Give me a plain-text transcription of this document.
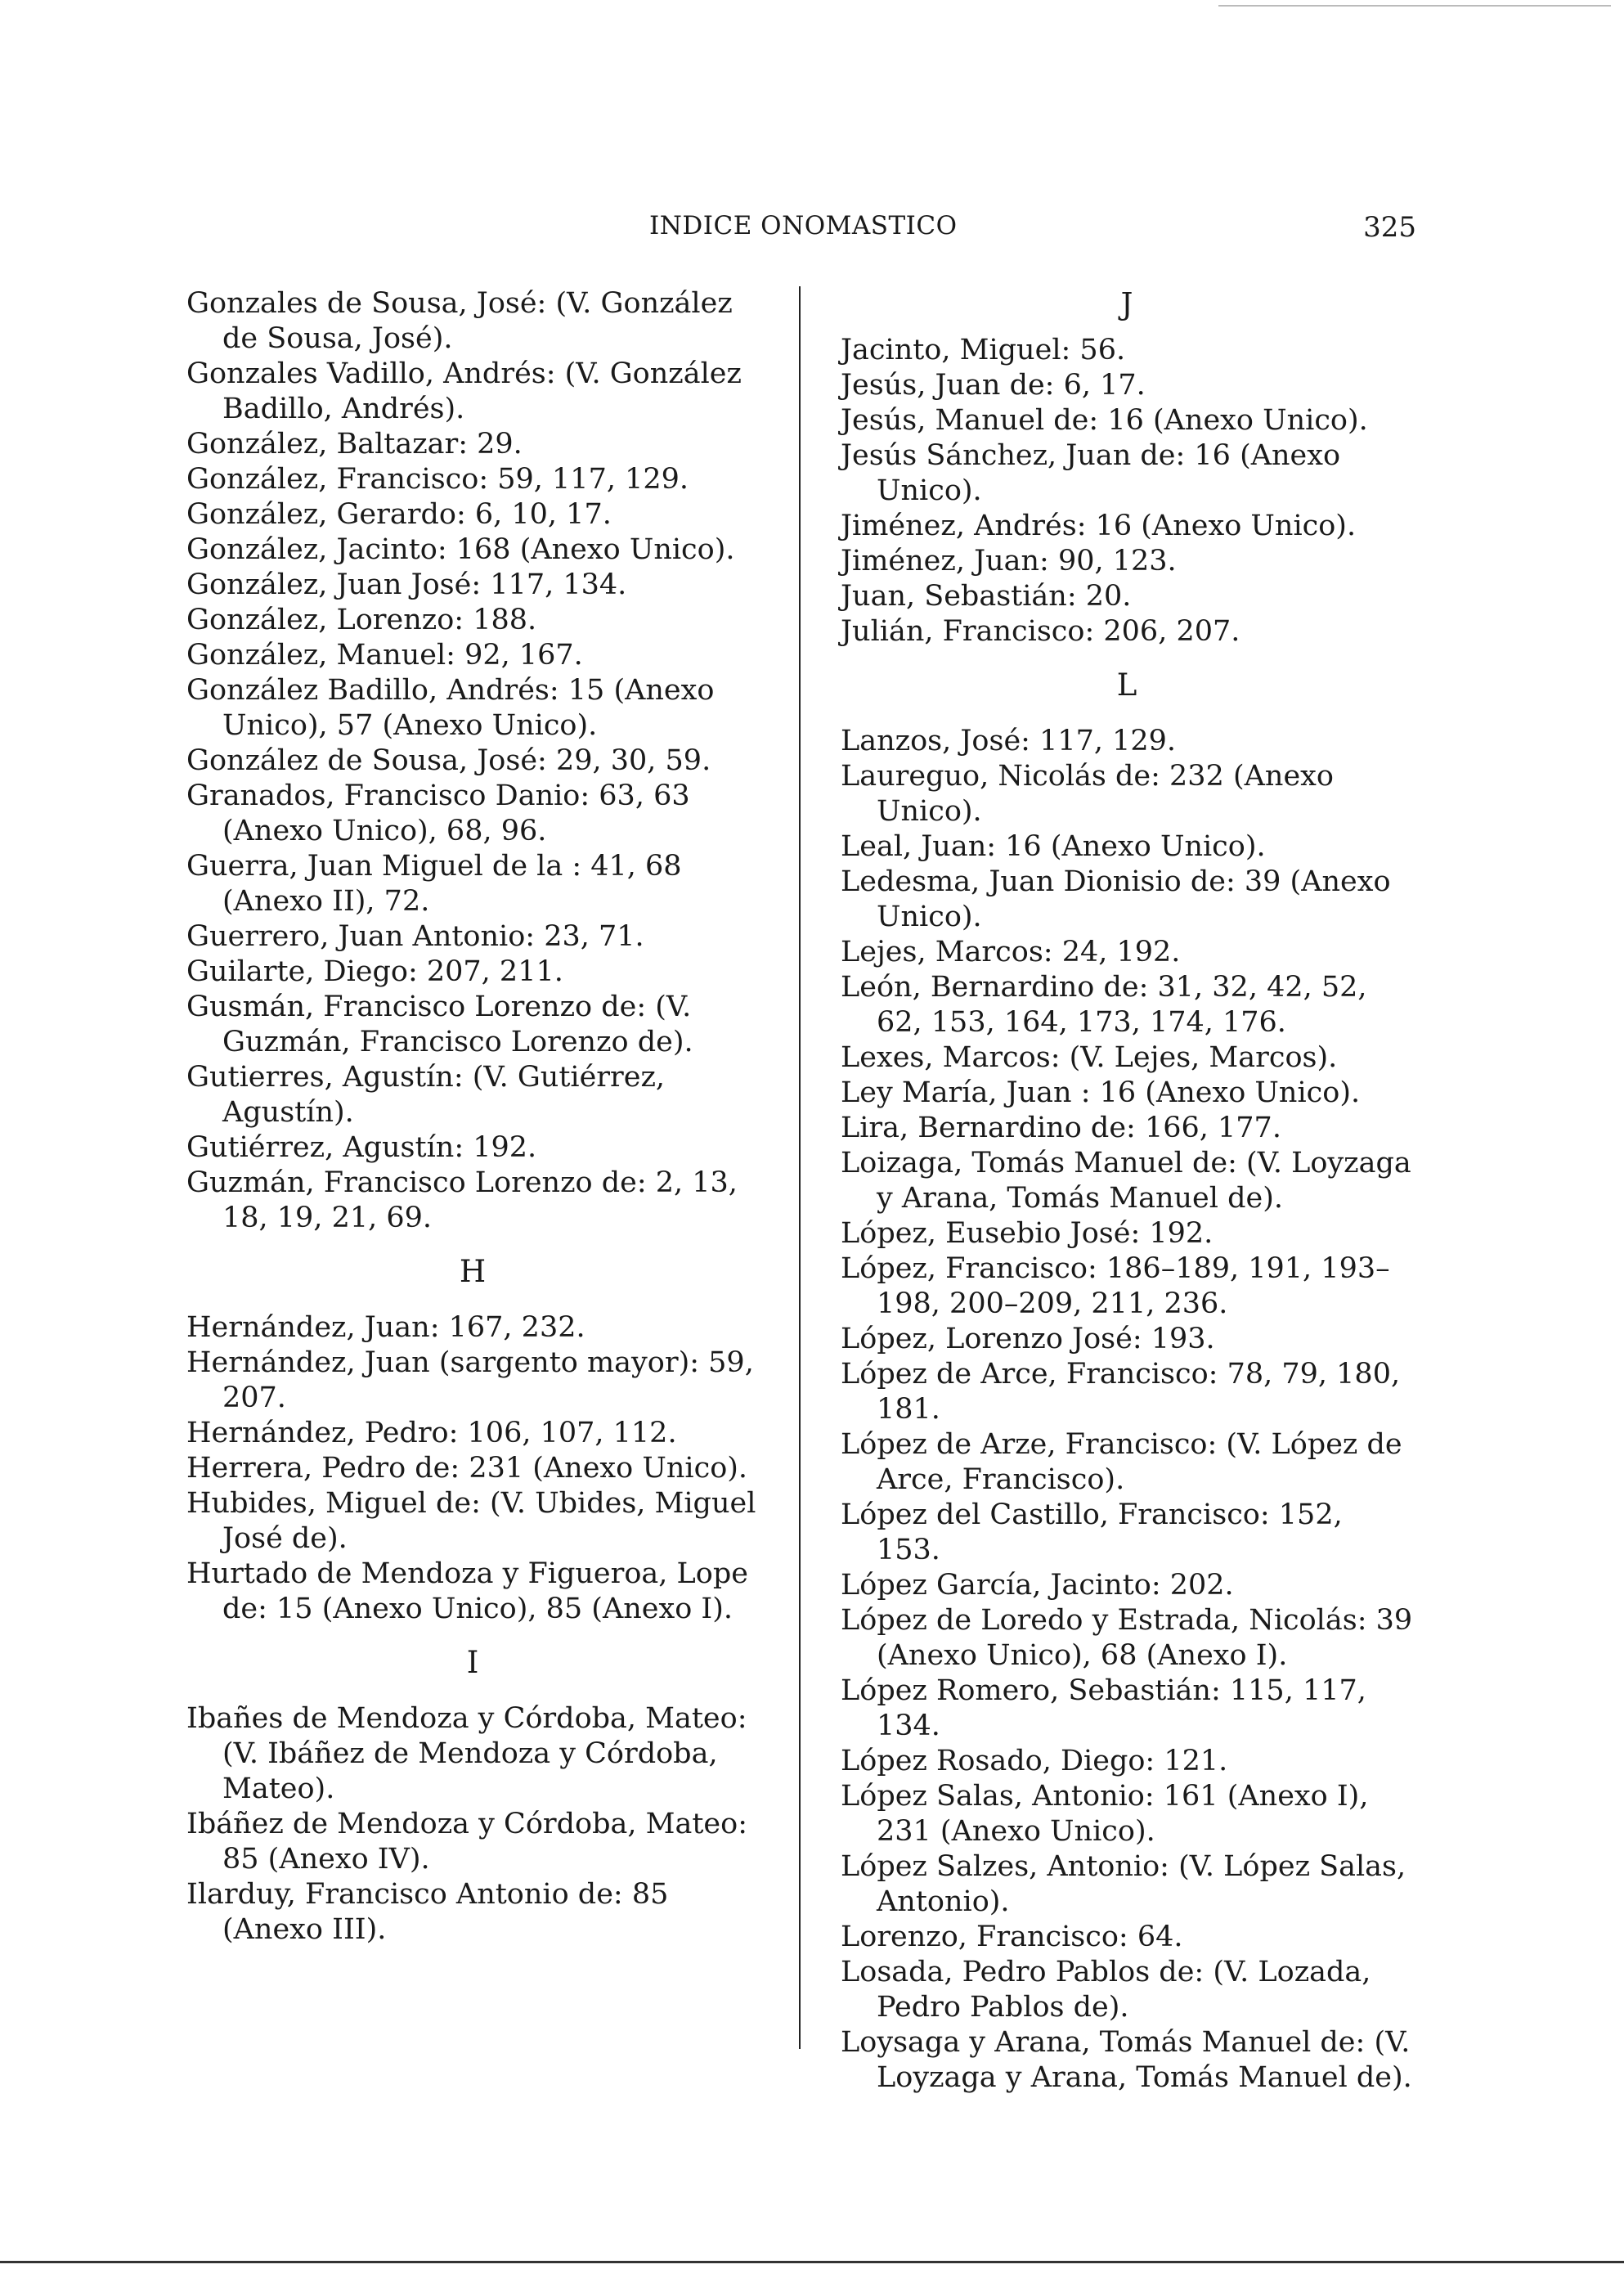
INDICE ONOMASTICO	325
Gonzales de Sousa, José: (V. González de Sousa, José).
Gonzales Vadillo, Andrés: (V. González Badillo, Andrés).
González, Baltazar: 29.
González, Francisco: 59, 117, 129.
González, Gerardo: 6, 10, 17.
González, Jacinto: 168 (Anexo Unico).
González, Juan José: 117, 134.
González, Lorenzo: 188.
González, Manuel: 92, 167.
González Badillo, Andrés: 15 (Anexo Unico), 57 (Anexo Unico).
González de Sousa, José: 29, 30, 59.
Granados, Francisco Danio: 63, 63 (Anexo Unico), 68, 96.
Guerra, Juan Miguel de la : 41, 68 (Anexo II), 72.
Guerrero, Juan Antonio: 23, 71.
Guilarte, Diego: 207, 211.
Gusmán, Francisco Lorenzo de: (V. Guzmán, Francisco Lorenzo de).
Gutierres, Agustín: (V. Gutiérrez, Agustín).
Gutiérrez, Agustín: 192.
Guzmán, Francisco Lorenzo de: 2, 13, 18, 19, 21, 69.
H
Hernández, Juan: 167, 232.
Hernández, Juan (sargento mayor): 59, 207.
Hernández, Pedro: 106, 107, 112.
Herrera, Pedro de: 231 (Anexo Unico).
Hubides, Miguel de: (V. Ubides, Miguel José de).
Hurtado de Mendoza y Figueroa, Lope de: 15 (Anexo Unico), 85 (Anexo I).
I
Ibañes de Mendoza y Córdoba, Mateo: (V. Ibáñez de Mendoza y Córdoba, Mateo).
Ibáñez de Mendoza y Córdoba, Mateo: 85 (Anexo IV).
Ilarduy, Francisco Antonio de: 85 (Anexo III).
J
Jacinto, Miguel: 56.
Jesús, Juan de: 6, 17.
Jesús, Manuel de: 16 (Anexo Unico).
Jesús Sánchez, Juan de: 16 (Anexo Unico).
Jiménez, Andrés: 16 (Anexo Unico).
Jiménez, Juan: 90, 123.
Juan, Sebastián: 20.
Julián, Francisco: 206, 207.
L
Lanzos, José: 117, 129.
Laureguo, Nicolás de: 232 (Anexo Unico).
Leal, Juan: 16 (Anexo Unico).
Ledesma, Juan Dionisio de: 39 (Anexo Unico).
Lejes, Marcos: 24, 192.
León, Bernardino de: 31, 32, 42, 52, 62, 153, 164, 173, 174, 176.
Lexes, Marcos: (V. Lejes, Marcos).
Ley María, Juan : 16 (Anexo Unico).
Lira, Bernardino de: 166, 177.
Loizaga, Tomás Manuel de: (V. Loyzaga y Arana, Tomás Manuel de).
López, Eusebio José: 192.
López, Francisco: 186–189, 191, 193–198, 200–209, 211, 236.
López, Lorenzo José: 193.
López de Arce, Francisco: 78, 79, 180, 181.
López de Arze, Francisco: (V. López de Arce, Francisco).
López del Castillo, Francisco: 152, 153.
López García, Jacinto: 202.
López de Loredo y Estrada, Nicolás: 39 (Anexo Unico), 68 (Anexo I).
López Romero, Sebastián: 115, 117, 134.
López Rosado, Diego: 121.
López Salas, Antonio: 161 (Anexo I), 231 (Anexo Unico).
López Salzes, Antonio: (V. López Salas, Antonio).
Lorenzo, Francisco: 64.
Losada, Pedro Pablos de: (V. Lozada, Pedro Pablos de).
Loysaga y Arana, Tomás Manuel de: (V. Loyzaga y Arana, Tomás Manuel de).
